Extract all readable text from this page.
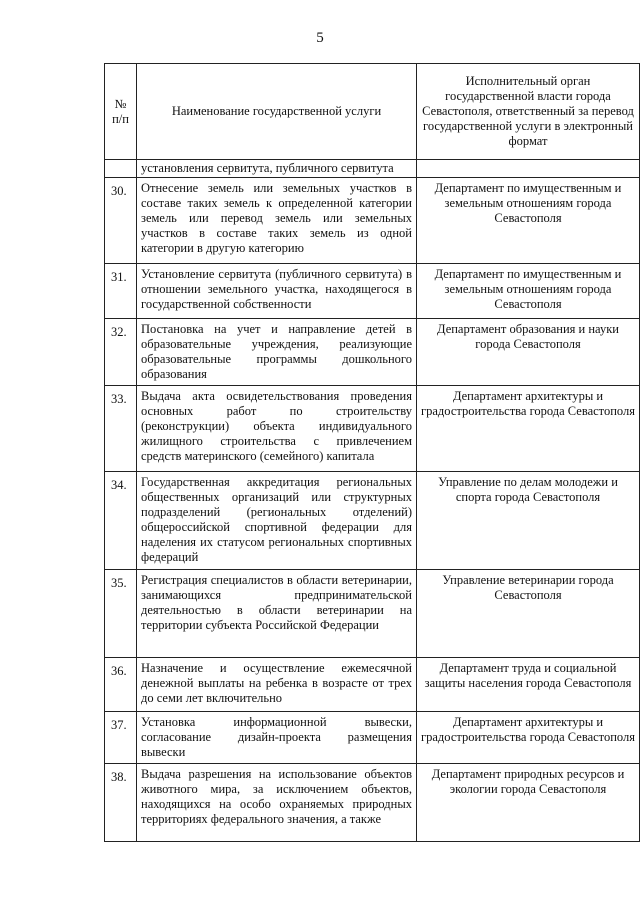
5
№ п/п	Наименование государственной услуги	Исполнительный орган государственной власти города Севастополя, ответственный за перевод государственной услуги в электронный формат
	установления сервитута, публичного сервитута	
30.	Отнесение земель или земельных участков в составе таких земель к определенной категории земель или перевод земель или земельных участков в составе таких земель из одной категории в другую категорию	Департамент по имущественным и земельным отношениям города Севастополя
31.	Установление сервитута (публичного сервитута) в отношении земельного участка, находящегося в государственной собственности	Департамент по имущественным и земельным отношениям города Севастополя
32.	Постановка на учет и направление детей в образовательные учреждения, реализующие образовательные программы дошкольного образования	Департамент образования и науки города Севастополя
33.	Выдача акта освидетельствования проведения основных работ по строительству (реконструкции) объекта индивидуального жилищного строительства с привлечением средств материнского (семейного) капитала	Департамент архитектуры и градостроительства города Севастополя
34.	Государственная аккредитация региональных общественных организаций или структурных подразделений (региональных отделений) общероссийской спортивной федерации для наделения их статусом региональных спортивных федераций	Управление по делам молодежи и спорта города Севастополя
35.	Регистрация специалистов в области ветеринарии, занимающихся предпринимательской деятельностью в области ветеринарии на территории субъекта Российской Федерации	Управление ветеринарии города Севастополя
36.	Назначение и осуществление ежемесячной денежной выплаты на ребенка в возрасте от трех до семи лет включительно	Департамент труда и социальной защиты населения города Севастополя
37.	Установка информационной вывески, согласование дизайн-проекта размещения вывески	Департамент архитектуры и градостроительства города Севастополя
38.	Выдача разрешения на использование объектов животного мира, за исключением объектов, находящихся на особо охраняемых природных территориях федерального значения, а также	Департамент природных ресурсов и экологии города Севастополя
